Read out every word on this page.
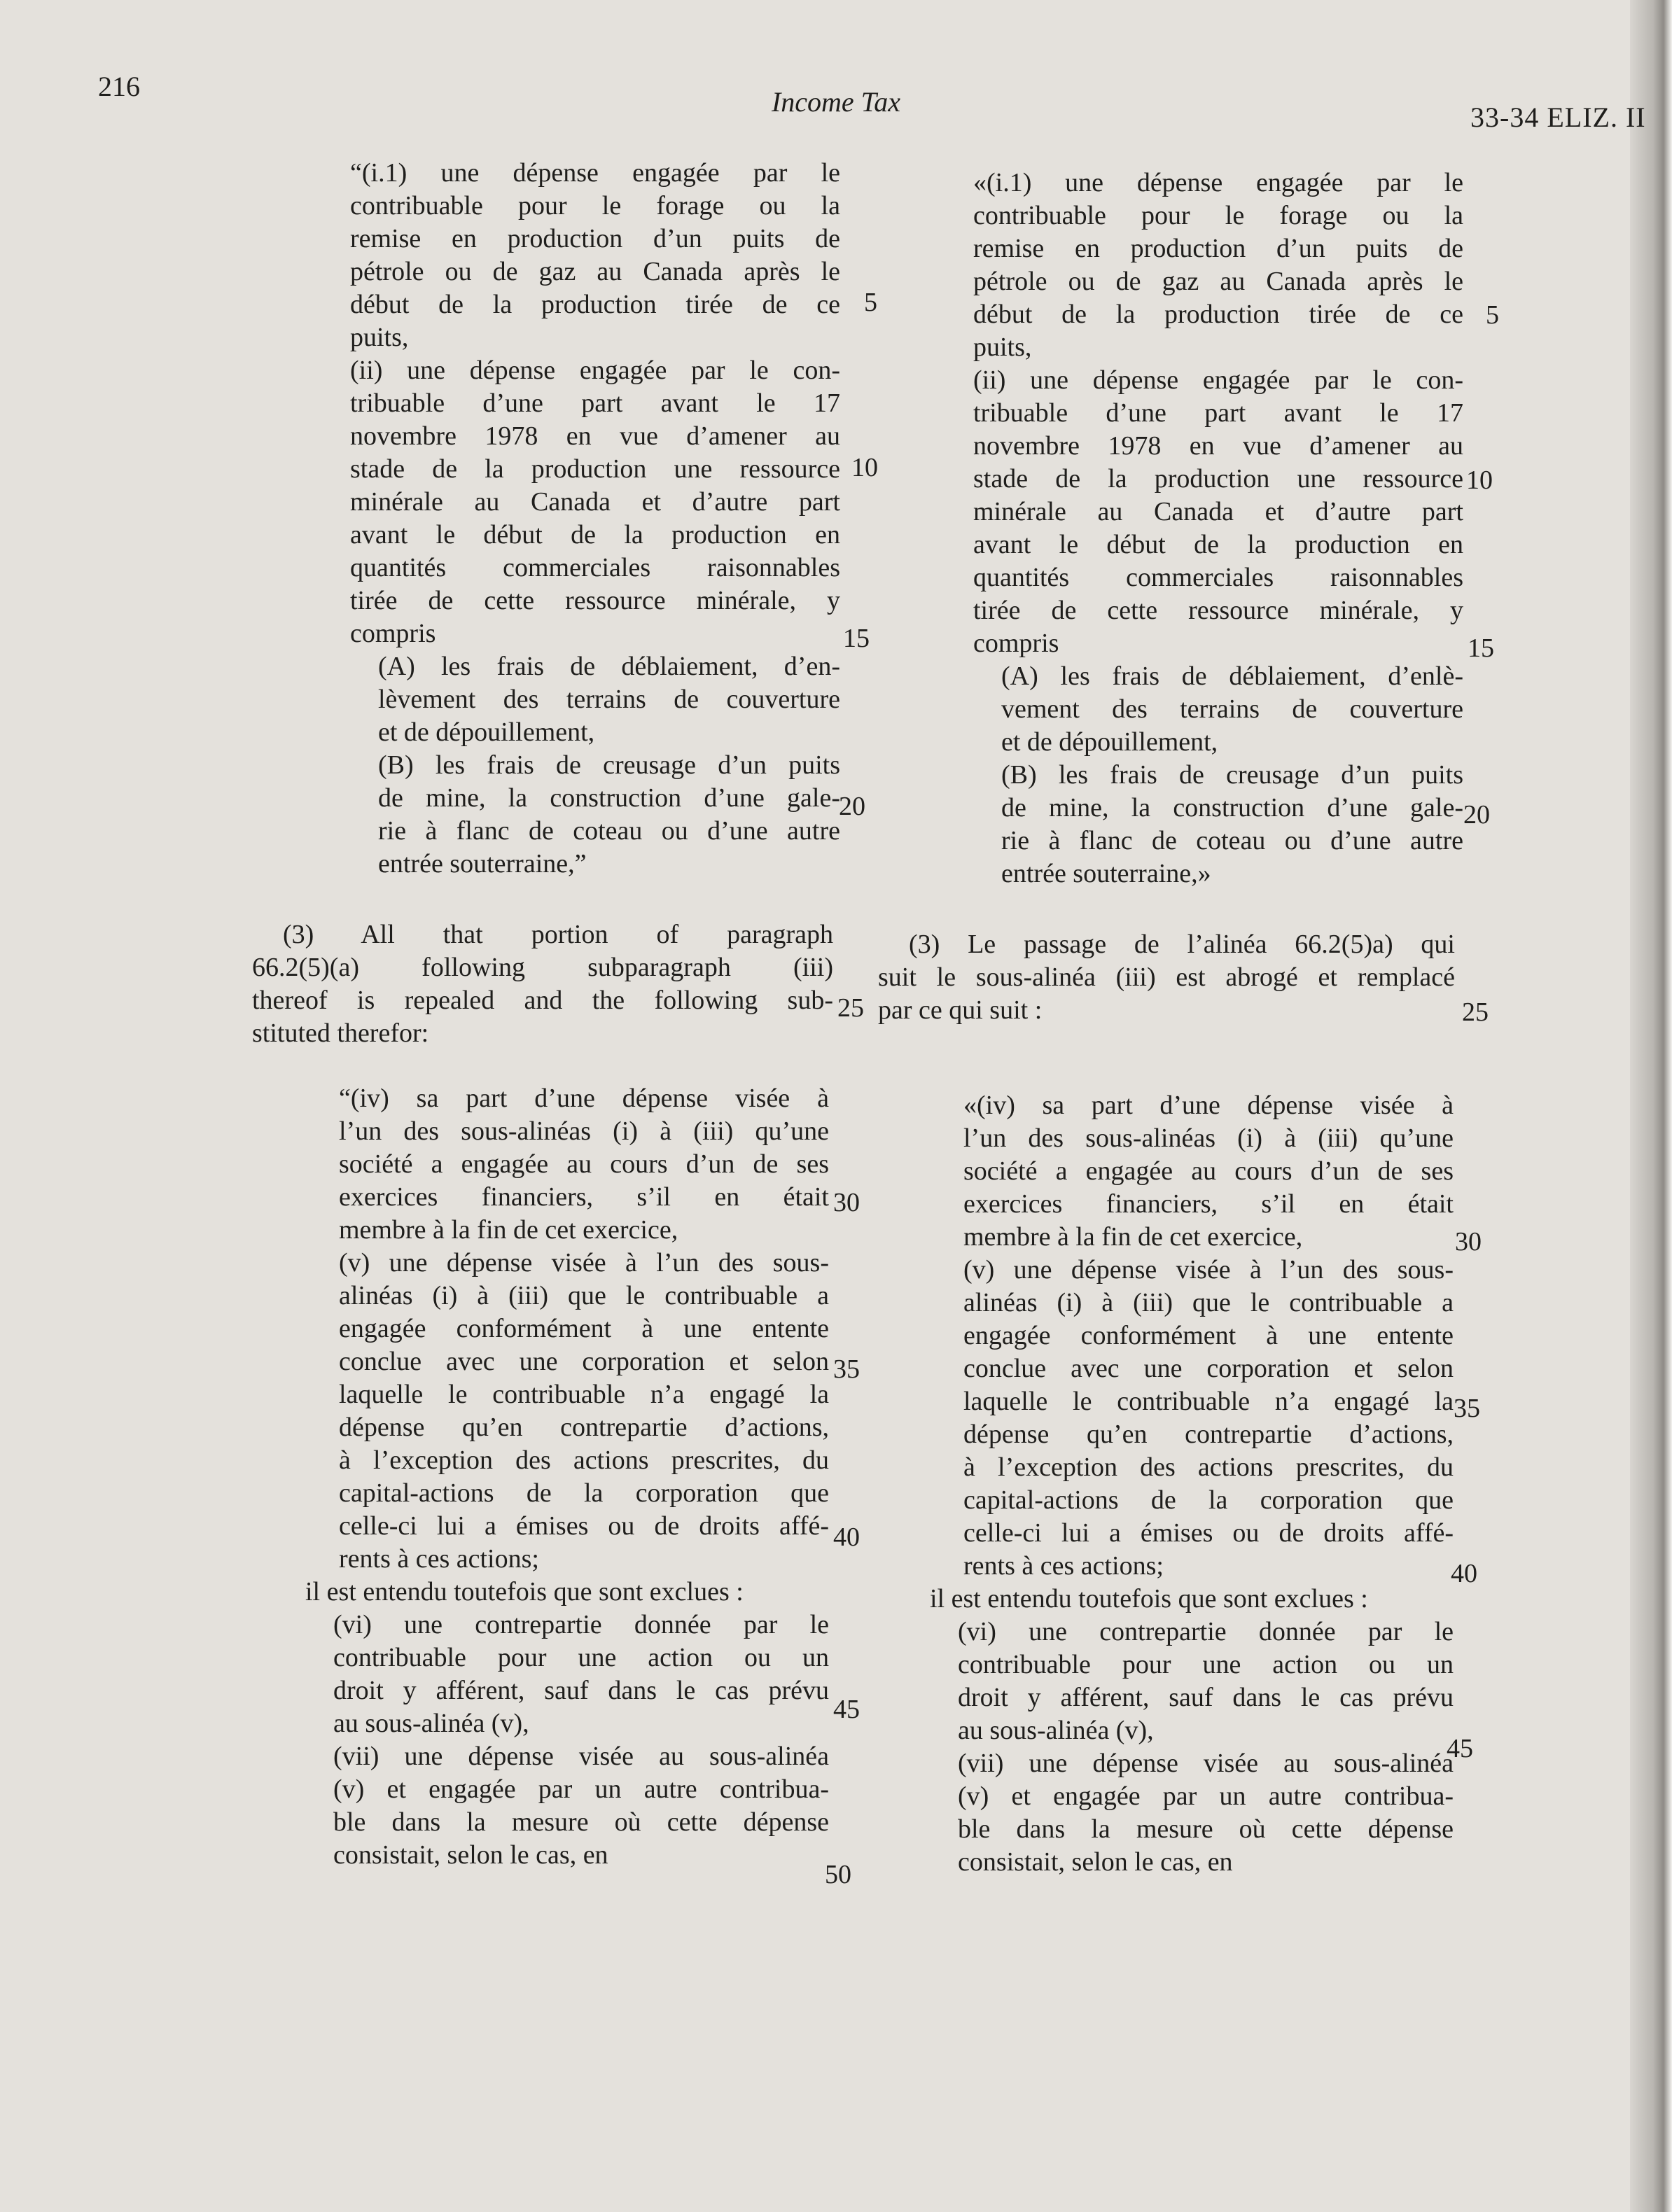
216	Income Tax	33-34 ELIZ. II
“(i.1) une dépense engagée par le
contribuable pour le forage ou la
remise en production d’un puits de
pétrole ou de gaz au Canada après le
début de la production tirée de ce
puits,
(ii) une dépense engagée par le con-
tribuable d’une part avant le 17
novembre 1978 en vue d’amener au
stade de la production une ressource
minérale au Canada et d’autre part
avant le début de la production en
quantités commerciales raisonnables
tirée de cette ressource minérale, y
compris
(A) les frais de déblaiement, d’en-
lèvement des terrains de couverture
et de dépouillement,
(B) les frais de creusage d’un puits
de mine, la construction d’une gale-
rie à flanc de coteau ou d’une autre
entrée souterraine,”
5
10
15
20
25
30
35
40
45
50
«(i.1) une dépense engagée par le
contribuable pour le forage ou la
remise en production d’un puits de
pétrole ou de gaz au Canada après le
début de la production tirée de ce
puits,
(ii) une dépense engagée par le con-
tribuable d’une part avant le 17
novembre 1978 en vue d’amener au
stade de la production une ressource
minérale au Canada et d’autre part
avant le début de la production en
quantités commerciales raisonnables
tirée de cette ressource minérale, y
compris
(A) les frais de déblaiement, d’enlè-
vement des terrains de couverture
et de dépouillement,
(B) les frais de creusage d’un puits
de mine, la construction d’une gale-
rie à flanc de coteau ou d’une autre
entrée souterraine,»
5
10
15
20
25
30
35
40
45
(3) All that portion of paragraph
66.2(5)(a) following subparagraph (iii)
thereof is repealed and the following sub-
stituted therefor:
(3) Le passage de l’alinéa 66.2(5)a) qui
suit le sous-alinéa (iii) est abrogé et remplacé
par ce qui suit :
“(iv) sa part d’une dépense visée à
l’un des sous-alinéas (i) à (iii) qu’une
société a engagée au cours d’un de ses
exercices financiers, s’il en était
membre à la fin de cet exercice,
(v) une dépense visée à l’un des sous-
alinéas (i) à (iii) que le contribuable a
engagée conformément à une entente
conclue avec une corporation et selon
laquelle le contribuable n’a engagé la
dépense qu’en contrepartie d’actions,
à l’exception des actions prescrites, du
capital-actions de la corporation que
celle-ci lui a émises ou de droits affé-
rents à ces actions;
il est entendu toutefois que sont exclues :
(vi) une contrepartie donnée par le
contribuable pour une action ou un
droit y afférent, sauf dans le cas prévu
au sous-alinéa (v),
(vii) une dépense visée au sous-alinéa
(v) et engagée par un autre contribua-
ble dans la mesure où cette dépense
consistait, selon le cas, en
«(iv) sa part d’une dépense visée à
l’un des sous-alinéas (i) à (iii) qu’une
société a engagée au cours d’un de ses
exercices financiers, s’il en était
membre à la fin de cet exercice,
(v) une dépense visée à l’un des sous-
alinéas (i) à (iii) que le contribuable a
engagée conformément à une entente
conclue avec une corporation et selon
laquelle le contribuable n’a engagé la
dépense qu’en contrepartie d’actions,
à l’exception des actions prescrites, du
capital-actions de la corporation que
celle-ci lui a émises ou de droits affé-
rents à ces actions;
il est entendu toutefois que sont exclues :
(vi) une contrepartie donnée par le
contribuable pour une action ou un
droit y afférent, sauf dans le cas prévu
au sous-alinéa (v),
(vii) une dépense visée au sous-alinéa
(v) et engagée par un autre contribua-
ble dans la mesure où cette dépense
consistait, selon le cas, en
